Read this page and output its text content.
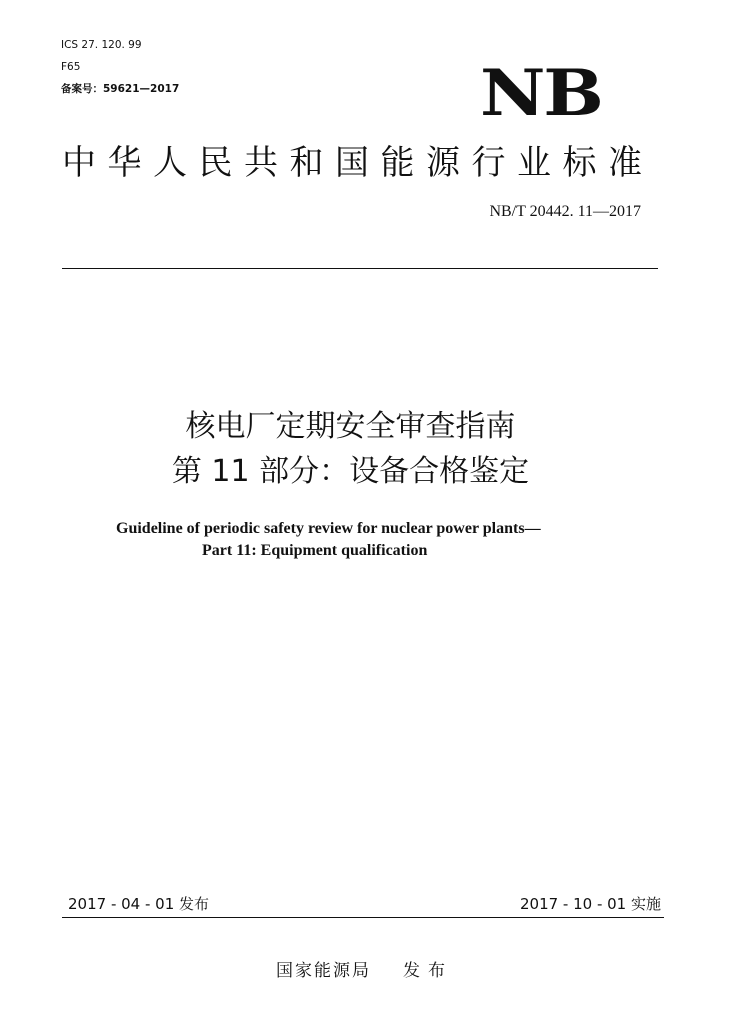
ICS 27. 120. 99
F65
备案号：59621—2017	NB
中 华 人 民 共 和 国 能 源 行 业 标 准
NB/T 20442. 11—2017
核电厂定期安全审查指南
第 11 部分：设备合格鉴定
Guideline of periodic safety review for nuclear power plants—
Part 11: Equipment qualification
2017 - 04 - 01 发布	2017 - 10 - 01 实施
国家能源局 发布
